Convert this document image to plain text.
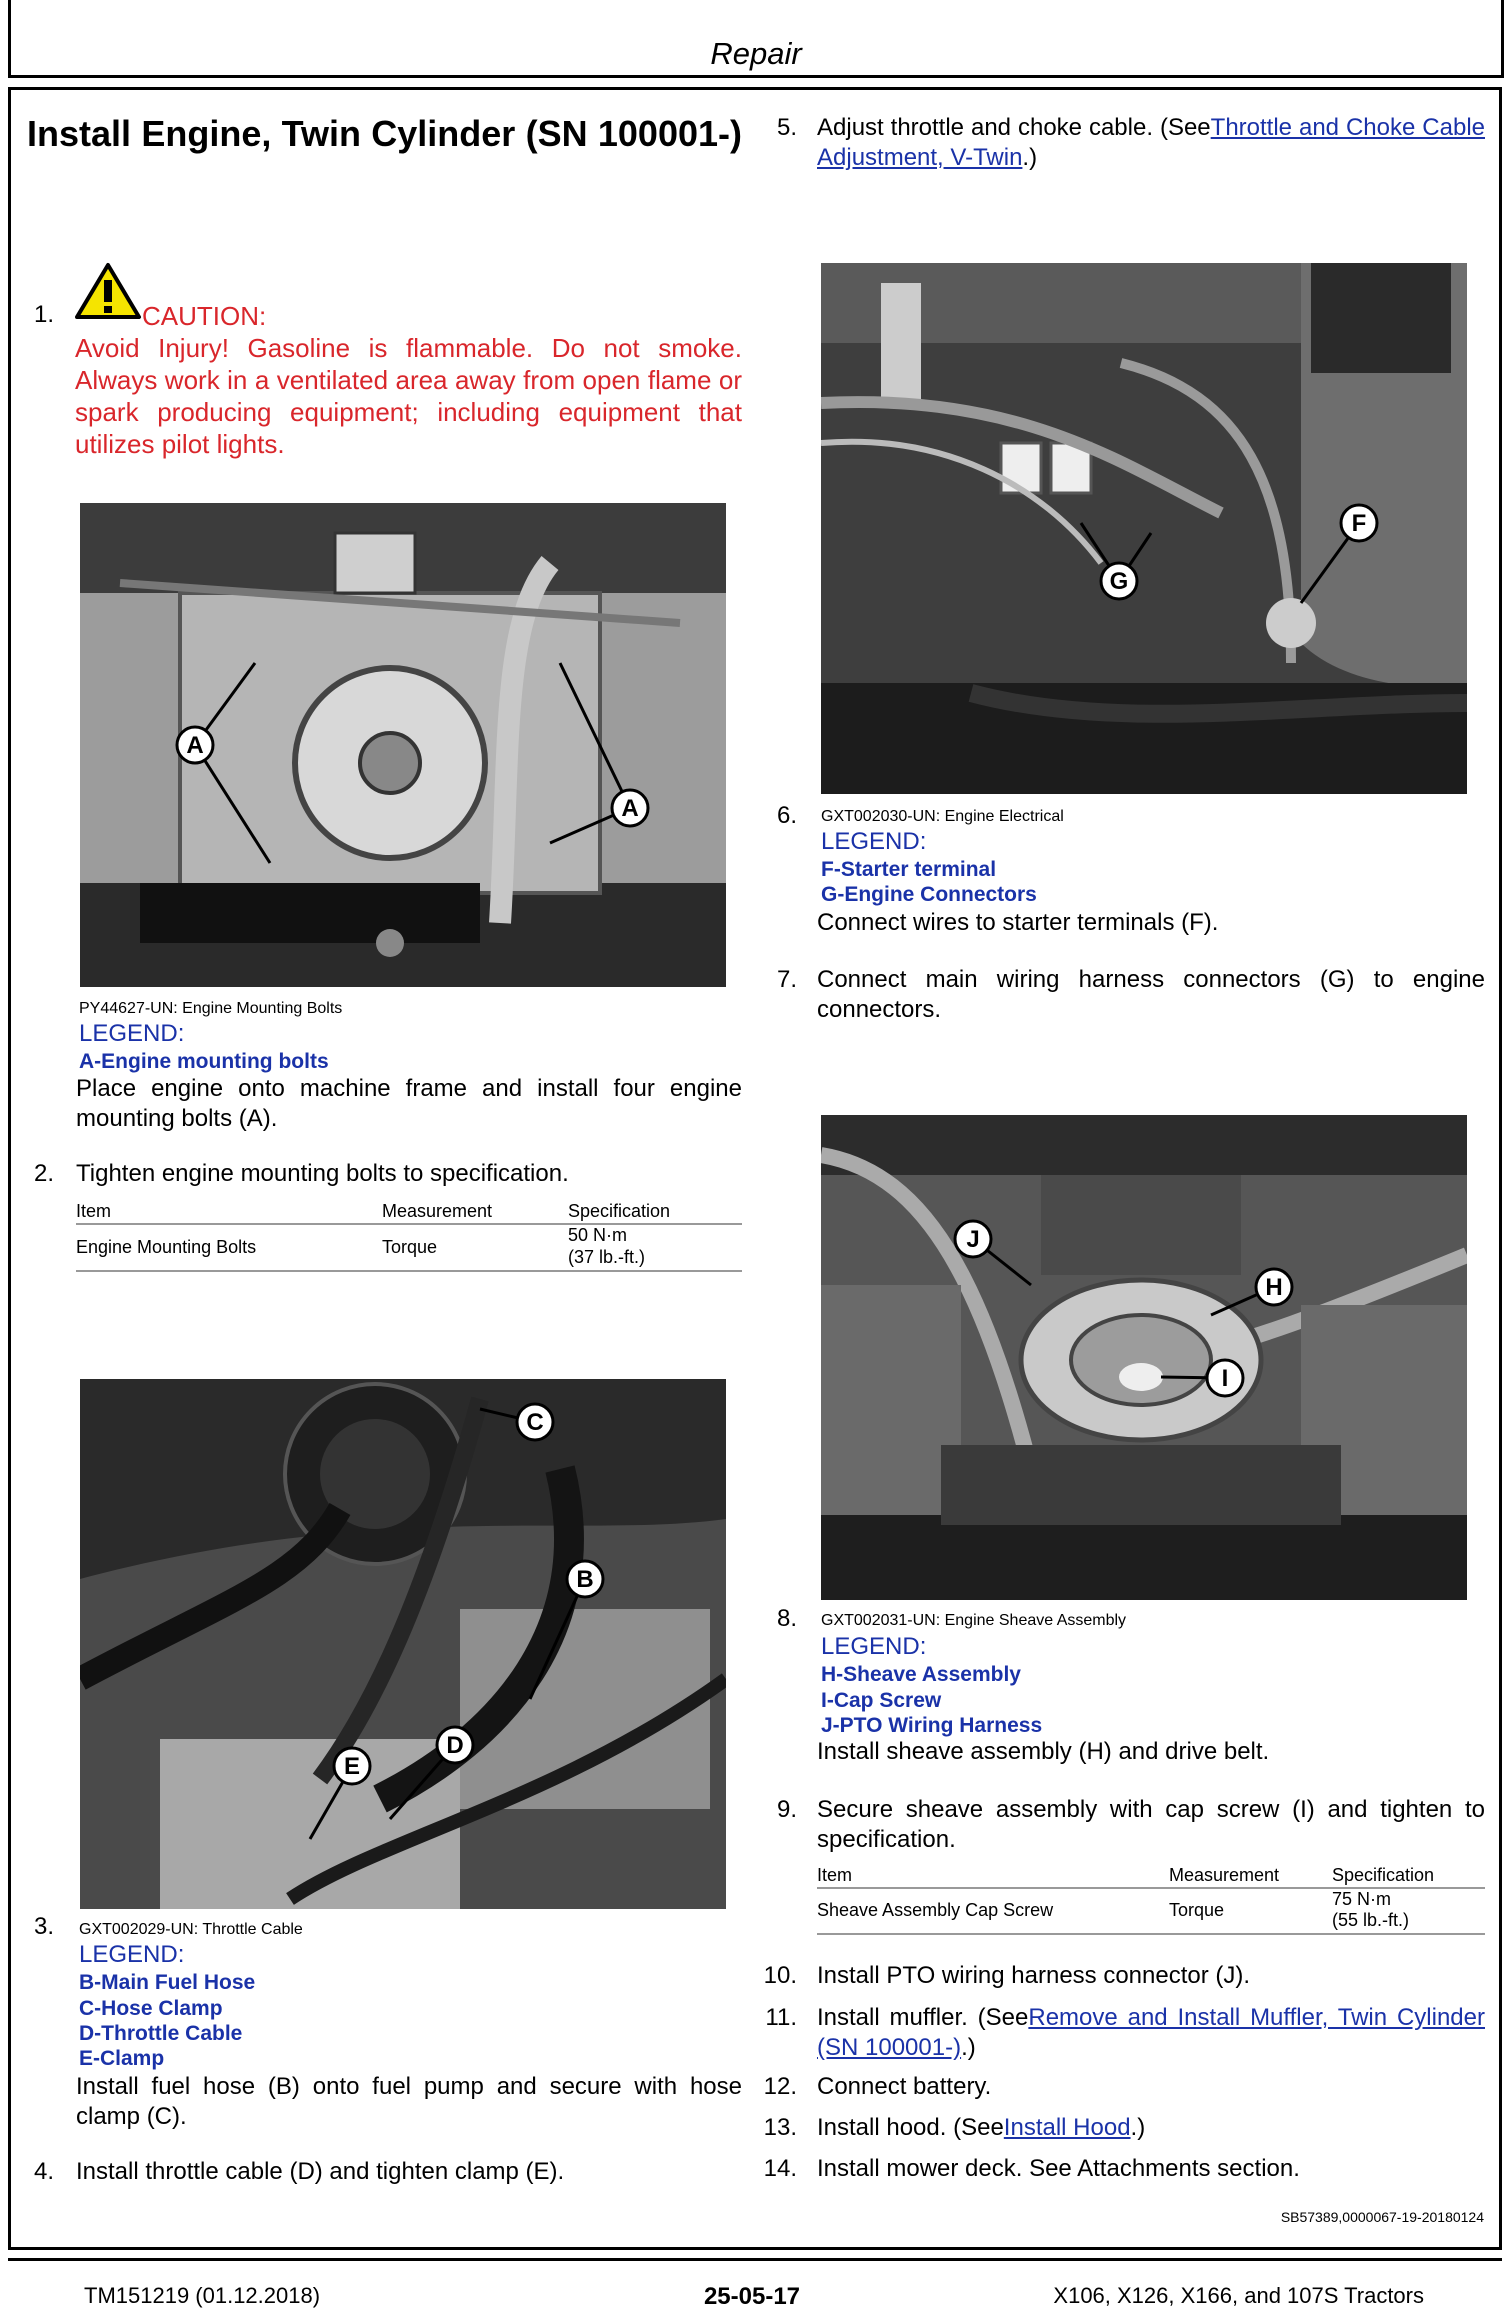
Repair
Install Engine, Twin Cylinder (SN 100001-)
1.	CAUTION:
Avoid Injury! Gasoline is flammable. Do not smoke. Always work in a ventilated area away from open flame or spark producing equipment; including equipment that utilizes pilot lights.
A
A
PY44627-UN: Engine Mounting Bolts
LEGEND:
A-Engine mounting bolts
Place engine onto machine frame and install four engine mounting bolts (A).
2. Tighten engine mounting bolts to specification.
Item	Measurement	Specification
Engine Mounting Bolts	Torque
50 N·m
(37 lb.-ft.)
B
C
D
E
3. GXT002029-UN: Throttle Cable
LEGEND:
B-Main Fuel Hose
C-Hose Clamp
D-Throttle Cable
E-Clamp
Install fuel hose (B) onto fuel pump and secure with hose clamp (C).
4. Install throttle cable (D) and tighten clamp (E).
5. Adjust throttle and choke cable. (SeeThrottle and Choke Cable Adjustment, V-Twin.)
F
G
6. GXT002030-UN: Engine Electrical
LEGEND:
F-Starter terminal
G-Engine Connectors
Connect wires to starter terminals (F).
7. Connect main wiring harness connectors (G) to engine connectors.
H
I
J
8. GXT002031-UN: Engine Sheave Assembly
LEGEND:
H-Sheave Assembly
I-Cap Screw
J-PTO Wiring Harness
Install sheave assembly (H) and drive belt.
9. Secure sheave assembly with cap screw (I) and tighten to specification.
Item	Measurement	Specification
Sheave Assembly Cap Screw	Torque
75 N·m
(55 lb.-ft.)
10. Install PTO wiring harness connector (J).
11. Install muffler. (SeeRemove and Install Muffler, Twin Cylinder (SN 100001-).)
12. Connect battery.
13. Install hood. (SeeInstall Hood.)
14. Install mower deck. See Attachments section.
SB57389,0000067-19-20180124
TM151219 (01.12.2018)	25-05-17	X106, X126, X166, and 107S Tractors
